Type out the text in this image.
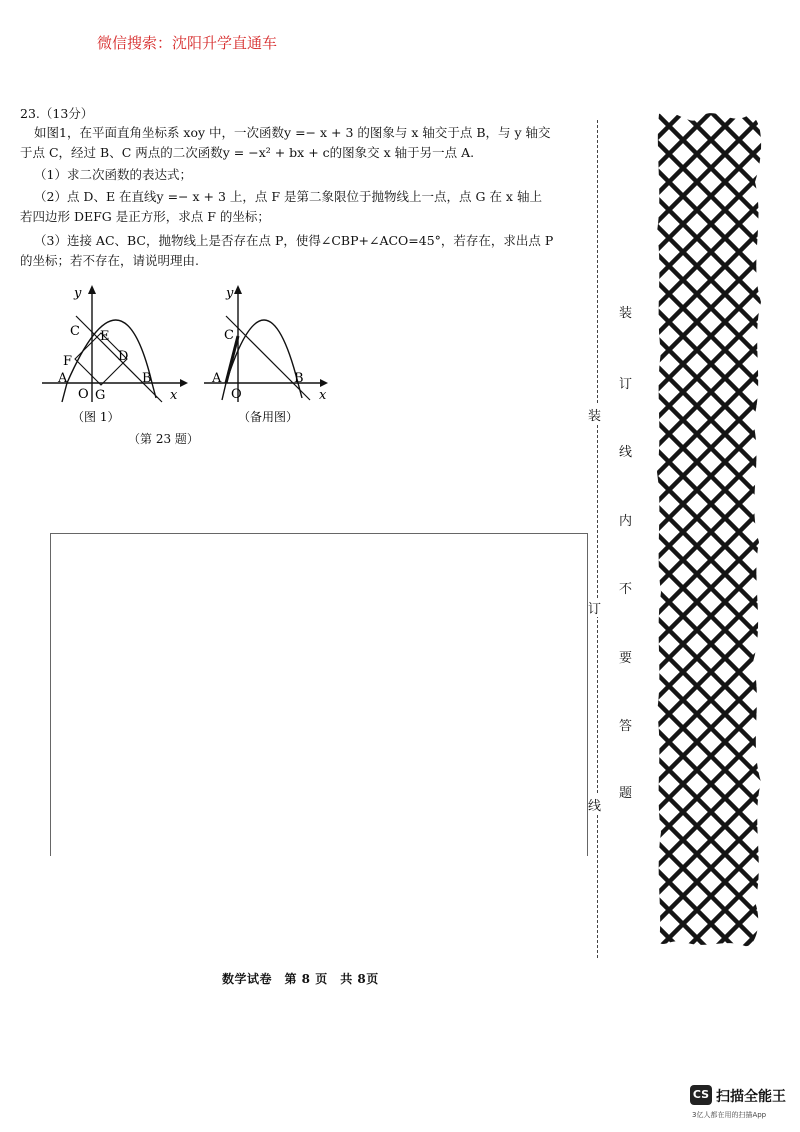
微信搜索：沈阳升学直通车
23.（13分）
如图1，在平面直角坐标系 xoy 中，一次函数y =− x + 3 的图象与 x 轴交于点 B，与 y 轴交
于点 C，经过 B、C 两点的二次函数y = −x² + bx + c的图象交 x 轴于另一点 A.
（1）求二次函数的表达式；
（2）点 D、E 在直线y =− x + 3 上，点 F 是第二象限位于抛物线上一点，点 G 在 x 轴上
若四边形 DEFG 是正方形，求点 F 的坐标；
（3）连接 AC、BC，抛物线上是否存在点 P，使得∠CBP+∠ACO=45°，若存在，求出点 P
的坐标；若不存在，请说明理由.
C E
D
F
A	B
O G
y
x
（图 1）
C
A	B
O
y
x
（备用图）
（第 23 题）
数学试卷　第 8 页　共 8页
装
订
线
装
订
线
内
不
要
答
题
CS 扫描全能王
3亿人都在用的扫描App
